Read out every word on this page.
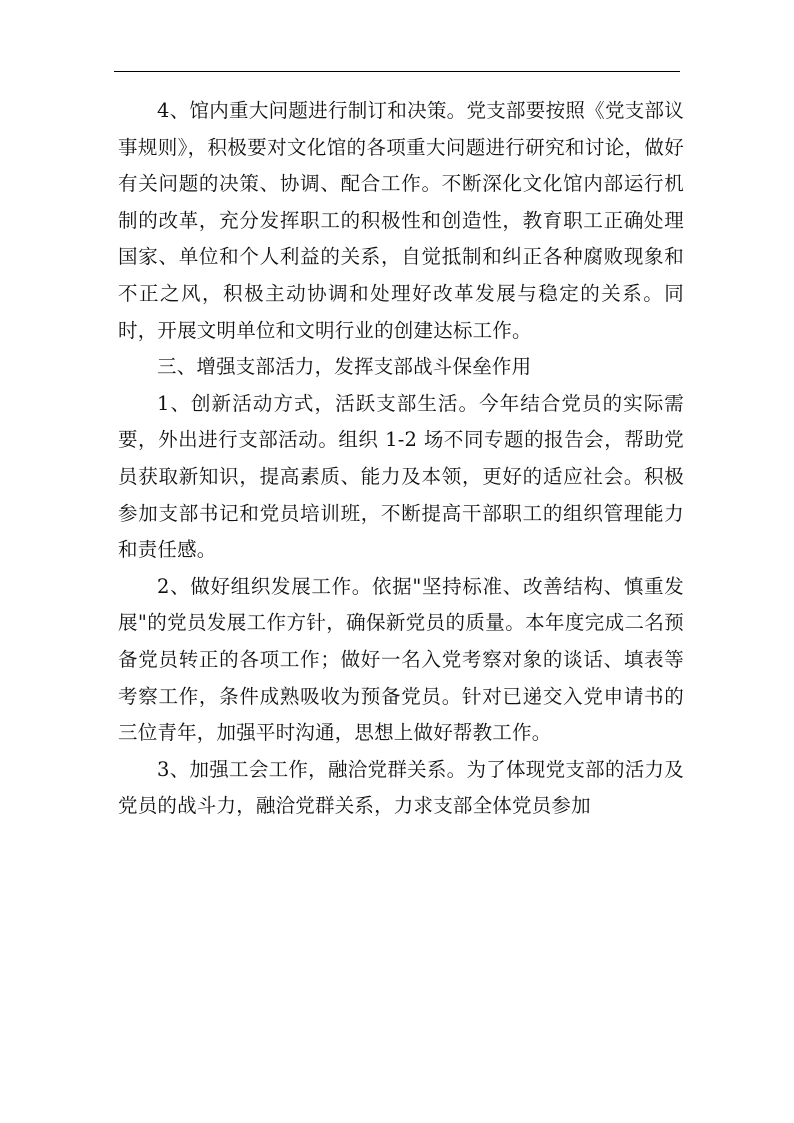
4、馆内重大问题进行制订和决策。党支部要按照《党支部议事规则》，积极要对文化馆的各项重大问题进行研究和讨论，做好有关问题的决策、协调、配合工作。不断深化文化馆内部运行机制的改革，充分发挥职工的积极性和创造性，教育职工正确处理国家、单位和个人利益的关系，自觉抵制和纠正各种腐败现象和不正之风，积极主动协调和处理好改革发展与稳定的关系。同时，开展文明单位和文明行业的创建达标工作。

三、增强支部活力，发挥支部战斗保垒作用

1、创新活动方式，活跃支部生活。今年结合党员的实际需要，外出进行支部活动。组织 1-2 场不同专题的报告会，帮助党员获取新知识，提高素质、能力及本领，更好的适应社会。积极参加支部书记和党员培训班，不断提高干部职工的组织管理能力和责任感。

2、做好组织发展工作。依据"坚持标准、改善结构、慎重发展"的党员发展工作方针，确保新党员的质量。本年度完成二名预备党员转正的各项工作；做好一名入党考察对象的谈话、填表等考察工作，条件成熟吸收为预备党员。针对已递交入党申请书的三位青年，加强平时沟通，思想上做好帮教工作。

3、加强工会工作，融洽党群关系。为了体现党支部的活力及党员的战斗力，融洽党群关系，力求支部全体党员参加
